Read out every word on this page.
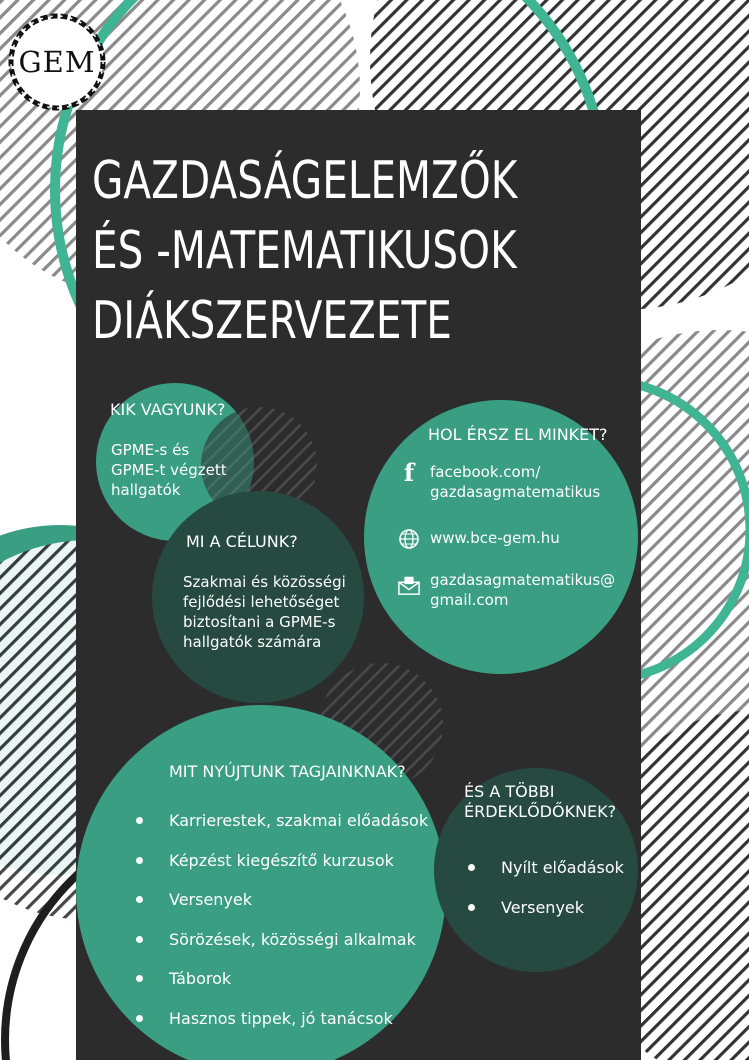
GEM
GAZDASÁGELEMZŐK
ÉS -MATEMATIKUSOK
DIÁKSZERVEZETE
KIK VAGYUNK?
GPME-s és
GPME-t végzett
hallgatók
MI A CÉLUNK?
Szakmai és közösségi
fejlődési lehetőséget
biztosítani a GPME-s
hallgatók számára
HOL ÉRSZ EL MINKET?
f	facebook.com/
gazdasagmatematikus
www.bce-gem.hu
gazdasagmatematikus@
gmail.com
MIT NYÚJTUNK TAGJAINKNAK?
Karrierestek, szakmai előadások
Képzést kiegészítő kurzusok
Versenyek
Sörözések, közösségi alkalmak
Táborok
Hasznos tippek, jó tanácsok
ÉS A TÖBBI
ÉRDEKLŐDŐKNEK?
Nyílt előadások
Versenyek
